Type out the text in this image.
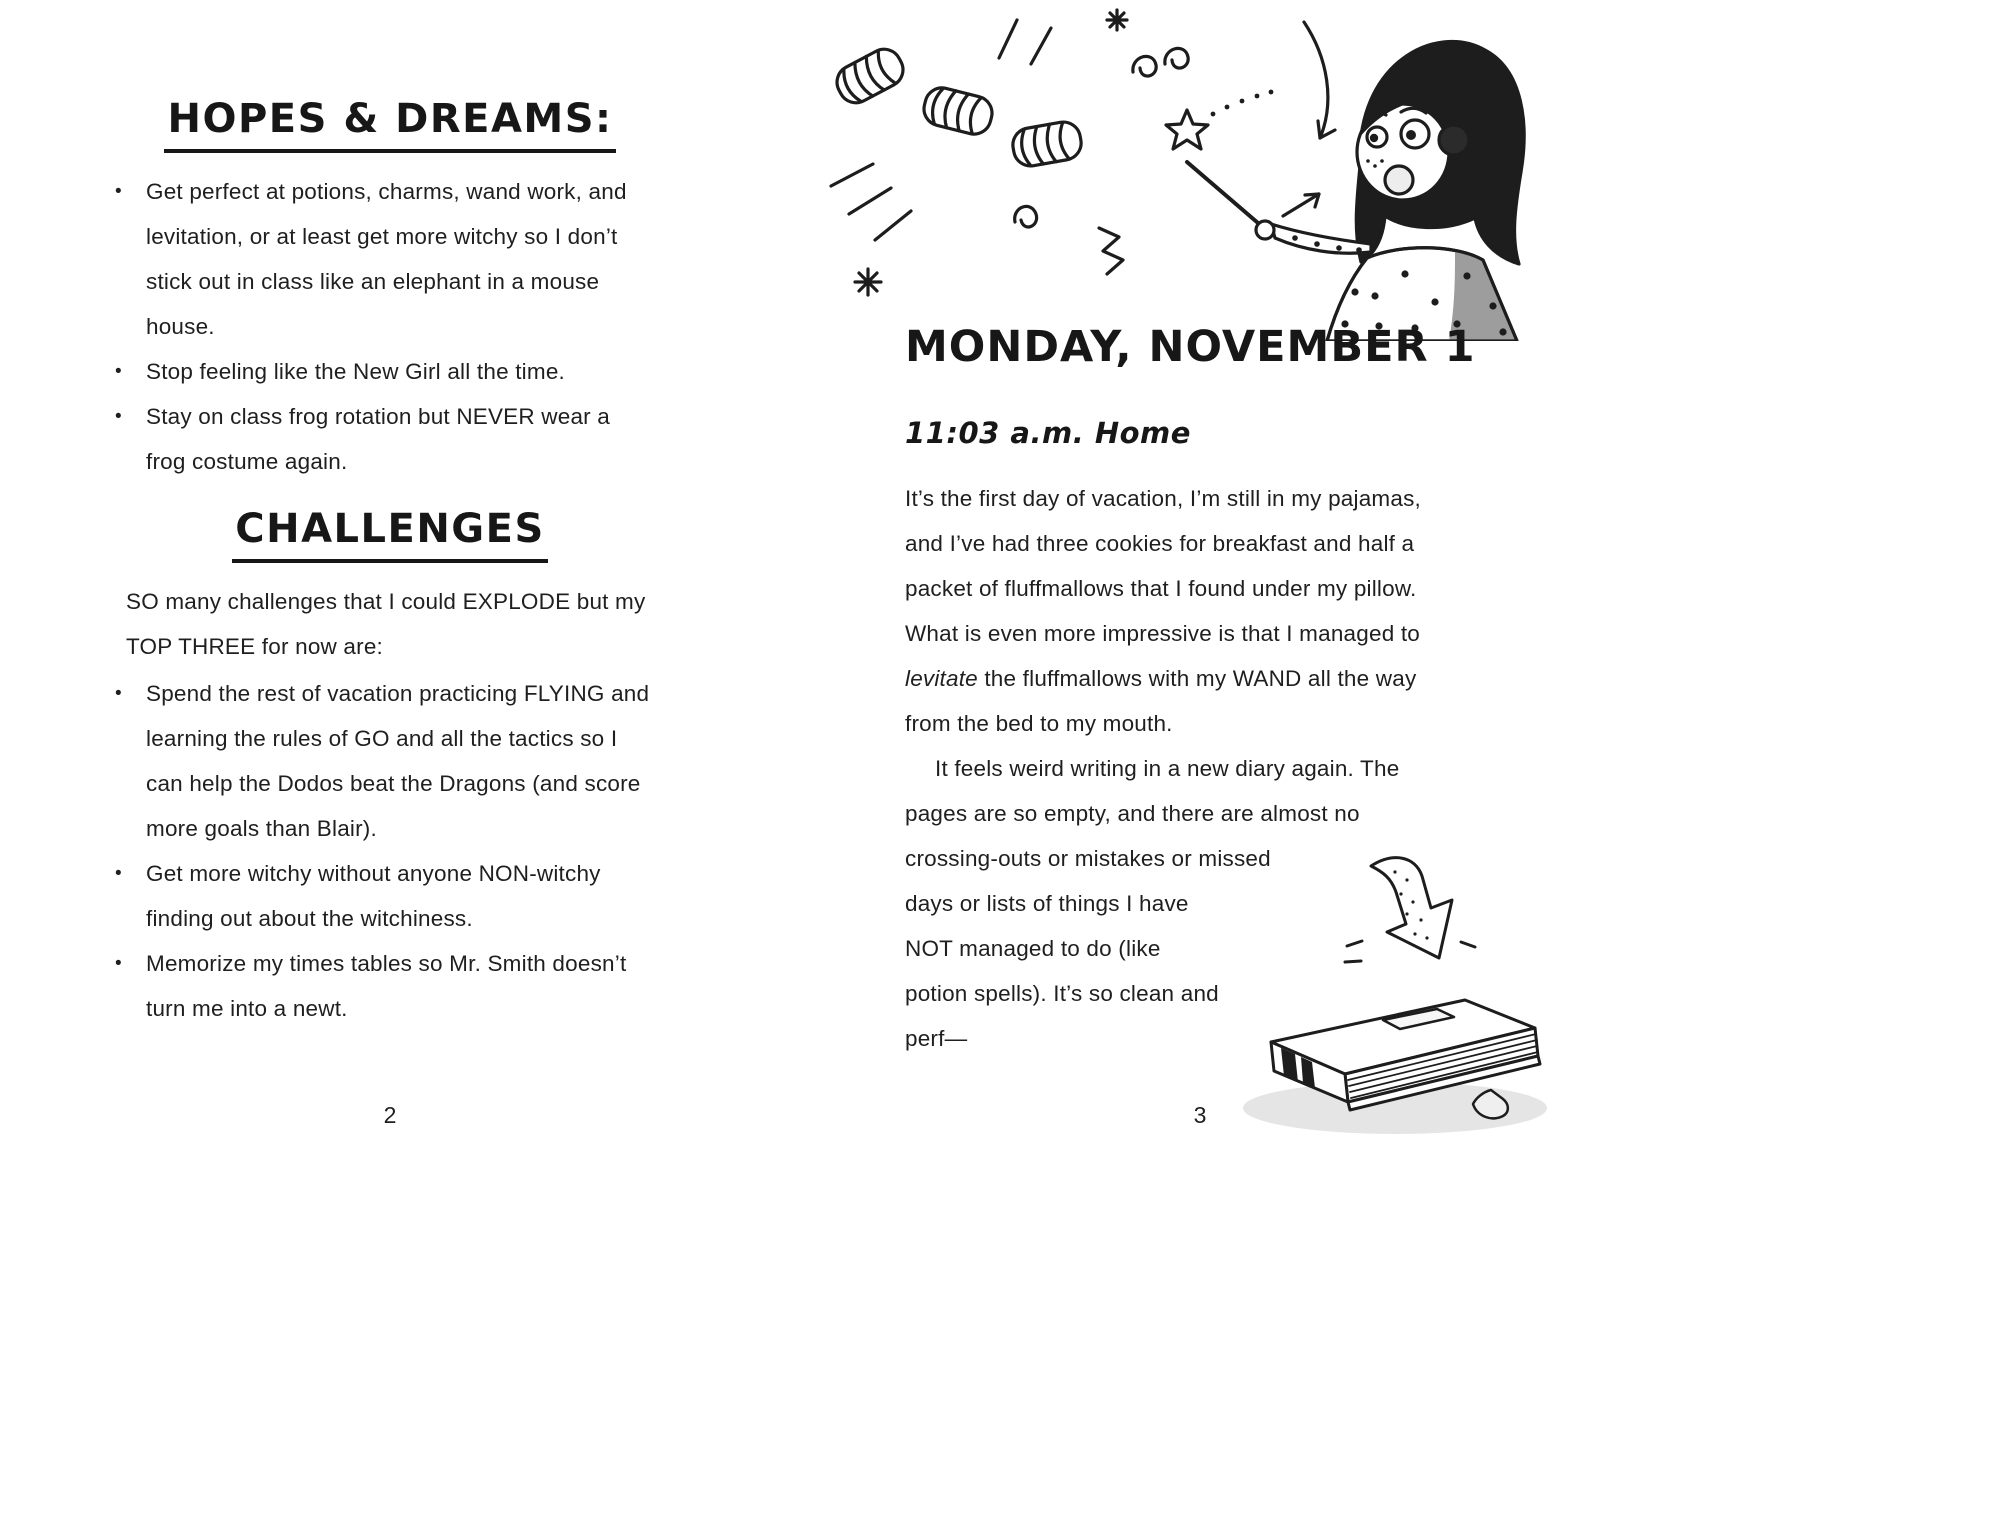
HOPES & DREAMS:
•	Get perfect at potions, charms, wand work, and
levitation, or at least get more witchy so I don’t
stick out in class like an elephant in a mouse
house.
•	Stop feeling like the New Girl all the time.
•	Stay on class frog rotation but NEVER wear a
frog costume again.
CHALLENGES
SO many challenges that I could EXPLODE but my
TOP THREE for now are:
•	Spend the rest of vacation practicing FLYING and
learning the rules of GO and all the tactics so I
can help the Dodos beat the Dragons (and score
more goals than Blair).
•	Get more witchy without anyone NON-witchy
finding out about the witchiness.
•	Memorize my times tables so Mr. Smith doesn’t
turn me into a newt.
MONDAY, NOVEMBER 1
11:03 a.m. Home
It’s the first day of vacation, I’m still in my pajamas,
and I’ve had three cookies for breakfast and half a
packet of fluffmallows that I found under my pillow.
What is even more impressive is that I managed to
levitate the fluffmallows with my WAND all the way
from the bed to my mouth.
It feels weird writing in a new diary again. The
pages are so empty, and there are almost no
crossing-outs or mistakes or missed
days or lists of things I have
NOT managed to do (like
potion spells). It’s so clean and
perf—
2	3
